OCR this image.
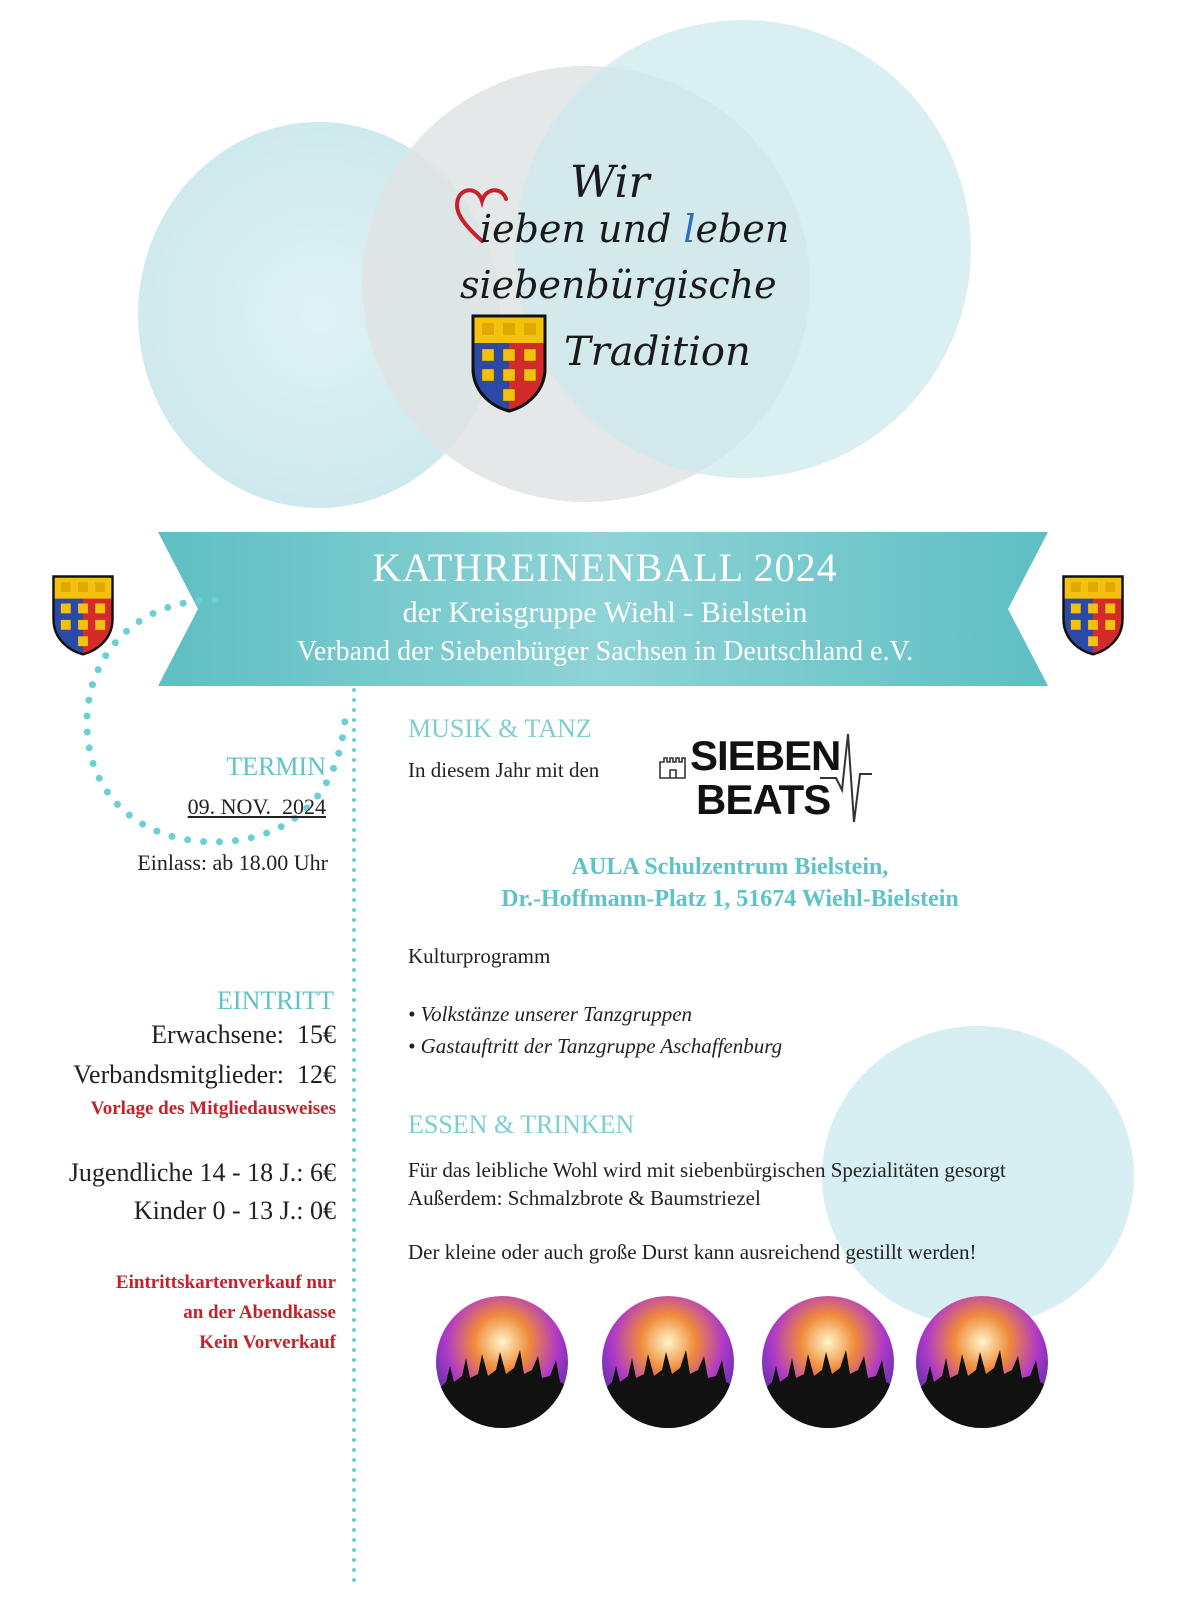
Wir
ieben und leben
siebenbürgische
Tradition
KATHREINENBALL 2024
der Kreisgruppe Wiehl - Bielstein
Verband der Siebenbürger Sachsen in Deutschland e.V.
TERMIN
09. NOV.  2024
Einlass: ab 18.00 Uhr
EINTRITT
Erwachsene:  15€
Verbandsmitglieder:  12€
Vorlage des Mitgliedausweises
Jugendliche 14 - 18 J.: 6€
Kinder 0 - 13 J.: 0€
Eintrittskartenverkauf nur
an der Abendkasse
Kein Vorverkauf
MUSIK & TANZ
In diesem Jahr mit den SIEBEN
BEATS
AULA Schulzentrum Bielstein,
Dr.-Hoffmann-Platz 1, 51674 Wiehl-Bielstein
Kulturprogramm
• Volkstänze unserer Tanzgruppen
• Gastauftritt der Tanzgruppe Aschaffenburg
ESSEN & TRINKEN
Für das leibliche Wohl wird mit siebenbürgischen Spezialitäten gesorgt
Außerdem: Schmalzbrote & Baumstriezel
Der kleine oder auch große Durst kann ausreichend gestillt werden!
